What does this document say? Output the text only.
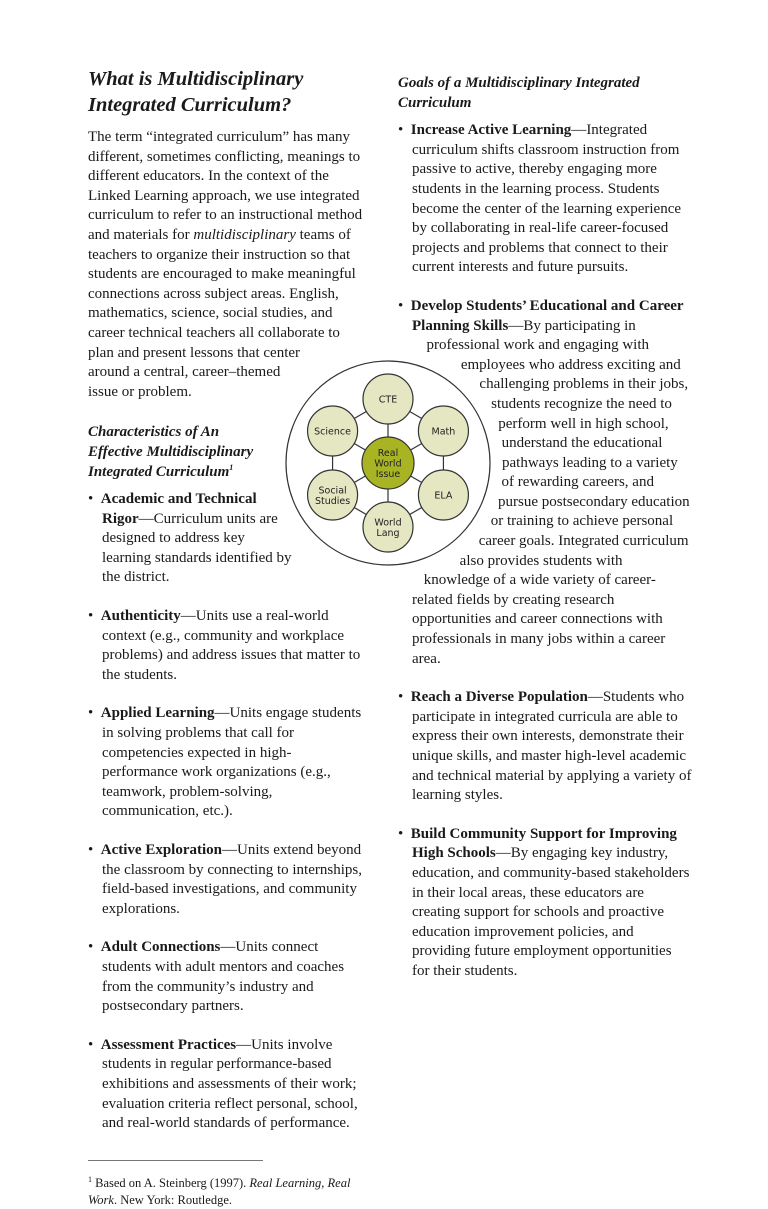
What is Multidisciplinary Integrated Curriculum?

The term “integrated curriculum” has many different, sometimes conflicting, meanings to different educators. In the context of the Linked Learning approach, we use integrated curriculum to refer to an instructional method and materials for multidisciplinary teams of teachers to organize their instruction so that students are encouraged to make meaningful connections across subject areas. English, mathematics, science, social studies, and career technical teachers all collaborate to plan and present lessons that center around a central, career–themed issue or problem.

Characteristics of An Effective Multidisciplinary Integrated Curriculum$^1$

•  Academic and Technical Rigor—Curriculum units are designed to address key learning standards identified by the district.

•  Authenticity—Units use a real-world context (e.g., community and workplace problems) and address issues that matter to the students.

•  Applied Learning—Units engage students in solving problems that call for competencies expected in high-performance work organizations (e.g., teamwork, problem-solving, communication, etc.).

•  Active Exploration—Units extend beyond the classroom by connecting to internships, field-based investigations, and community explorations.

•  Adult Connections—Units connect students with adult mentors and coaches from the community’s industry and postsecondary partners.

•  Assessment Practices—Units involve students in regular performance-based exhibitions and assessments of their work; evaluation criteria reflect personal, school, and real-world standards of performance.

$^1$ Based on A. Steinberg (1997). Real Learning, Real Work. New York: Routledge.
Goals of a Multidisciplinary Integrated Curriculum

•  Increase Active Learning—Integrated curriculum shifts classroom instruction from passive to active, thereby engaging more students in the learning process. Students become the center of the learning experience by collaborating in real-life career-focused projects and problems that connect to their current interests and future pursuits.

•  Develop Students’ Educational and Career Planning Skills—By participating in professional work and engaging with employees who address exciting and challenging problems in their jobs, students recognize the need to perform well in high school, understand the educational pathways leading to a variety of rewarding careers, and pursue postsecondary education or training to achieve personal career goals. Integrated curriculum also provides students with knowledge of a wide variety of career-related fields by creating research opportunities and career connections with professionals in many jobs within a career area.

•  Reach a Diverse Population—Students who participate in integrated curricula are able to express their own interests, demonstrate their unique skills, and master high-level academic and technical material by applying a variety of learning styles.

•  Build Community Support for Improving High Schools—By engaging key industry, education, and community-based stakeholders in their local areas, these educators are creating support for schools and proactive education improvement policies, and providing future employment opportunities for their students.

CTE
Math
ELA
World
Lang
Social
Studies
Science
Real
World
Issue
